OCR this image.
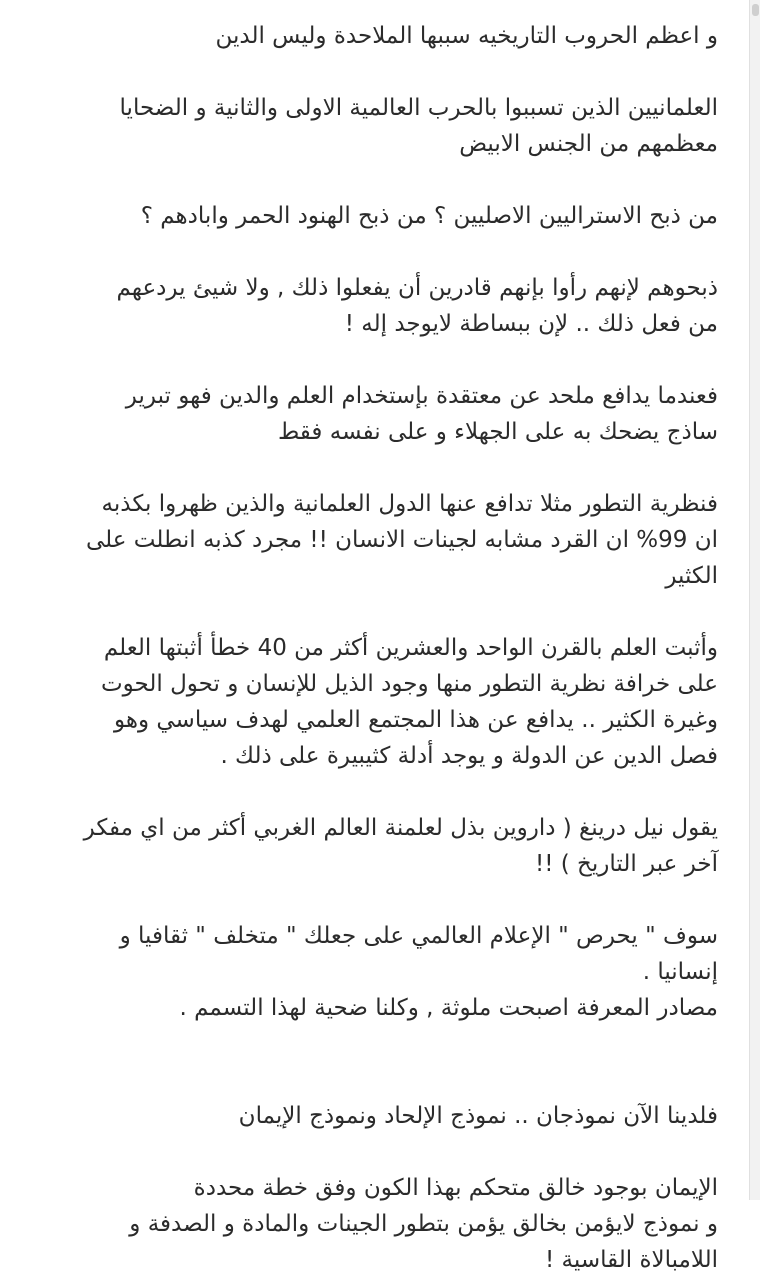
و اعظم الحروب التاريخيه سببها الملاحدة وليس الدين

العلمانيين الذين تسببوا بالحرب العالمية الاولى والثانية و الضحايا
معظمهم من الجنس الابيض

من ذبح الاستراليين الاصليين ؟ من ذبح الهنود الحمر وابادهم ؟

ذبحوهم لإنهم رأوا بإنهم قادرين أن يفعلوا ذلك , ولا شيئ يردعهم
من فعل ذلك .. لإن ببساطة لايوجد إله !

فعندما يدافع ملحد عن معتقدة بإستخدام العلم والدين فهو تبرير
ساذج يضحك به على الجهلاء و على نفسه فقط

فنظرية التطور مثلا تدافع عنها الدول العلمانية والذين ظهروا بكذبه
ان 99% ان القرد مشابه لجينات الانسان !! مجرد كذبه انطلت على
الكثير

وأثبت العلم بالقرن الواحد والعشرين أكثر من 40 خطأ أثبتها العلم
على خرافة نظرية التطور منها وجود الذيل للإنسان و تحول الحوت
وغيرة الكثير .. يدافع عن هذا المجتمع العلمي لهدف سياسي وهو
فصل الدين عن الدولة و يوجد أدلة كثيبيرة على ذلك .

يقول نيل درينغ ( داروين بذل لعلمنة العالم الغربي أكثر من اي مفكر
آخر عبر التاريخ ) !!

سوف " يحرص " الإعلام العالمي على جعلك " متخلف " ثقافيا و
إنسانيا .
مصادر المعرفة اصبحت ملوثة , وكلنا ضحية لهذا التسمم .

فلدينا الآن نموذجان .. نموذج الإلحاد ونموذج الإيمان

الإيمان بوجود خالق متحكم بهذا الكون وفق خطة محددة
و نموذج لايؤمن بخالق يؤمن بتطور الجينات والمادة و الصدفة و
اللامبالاة القاسية !
